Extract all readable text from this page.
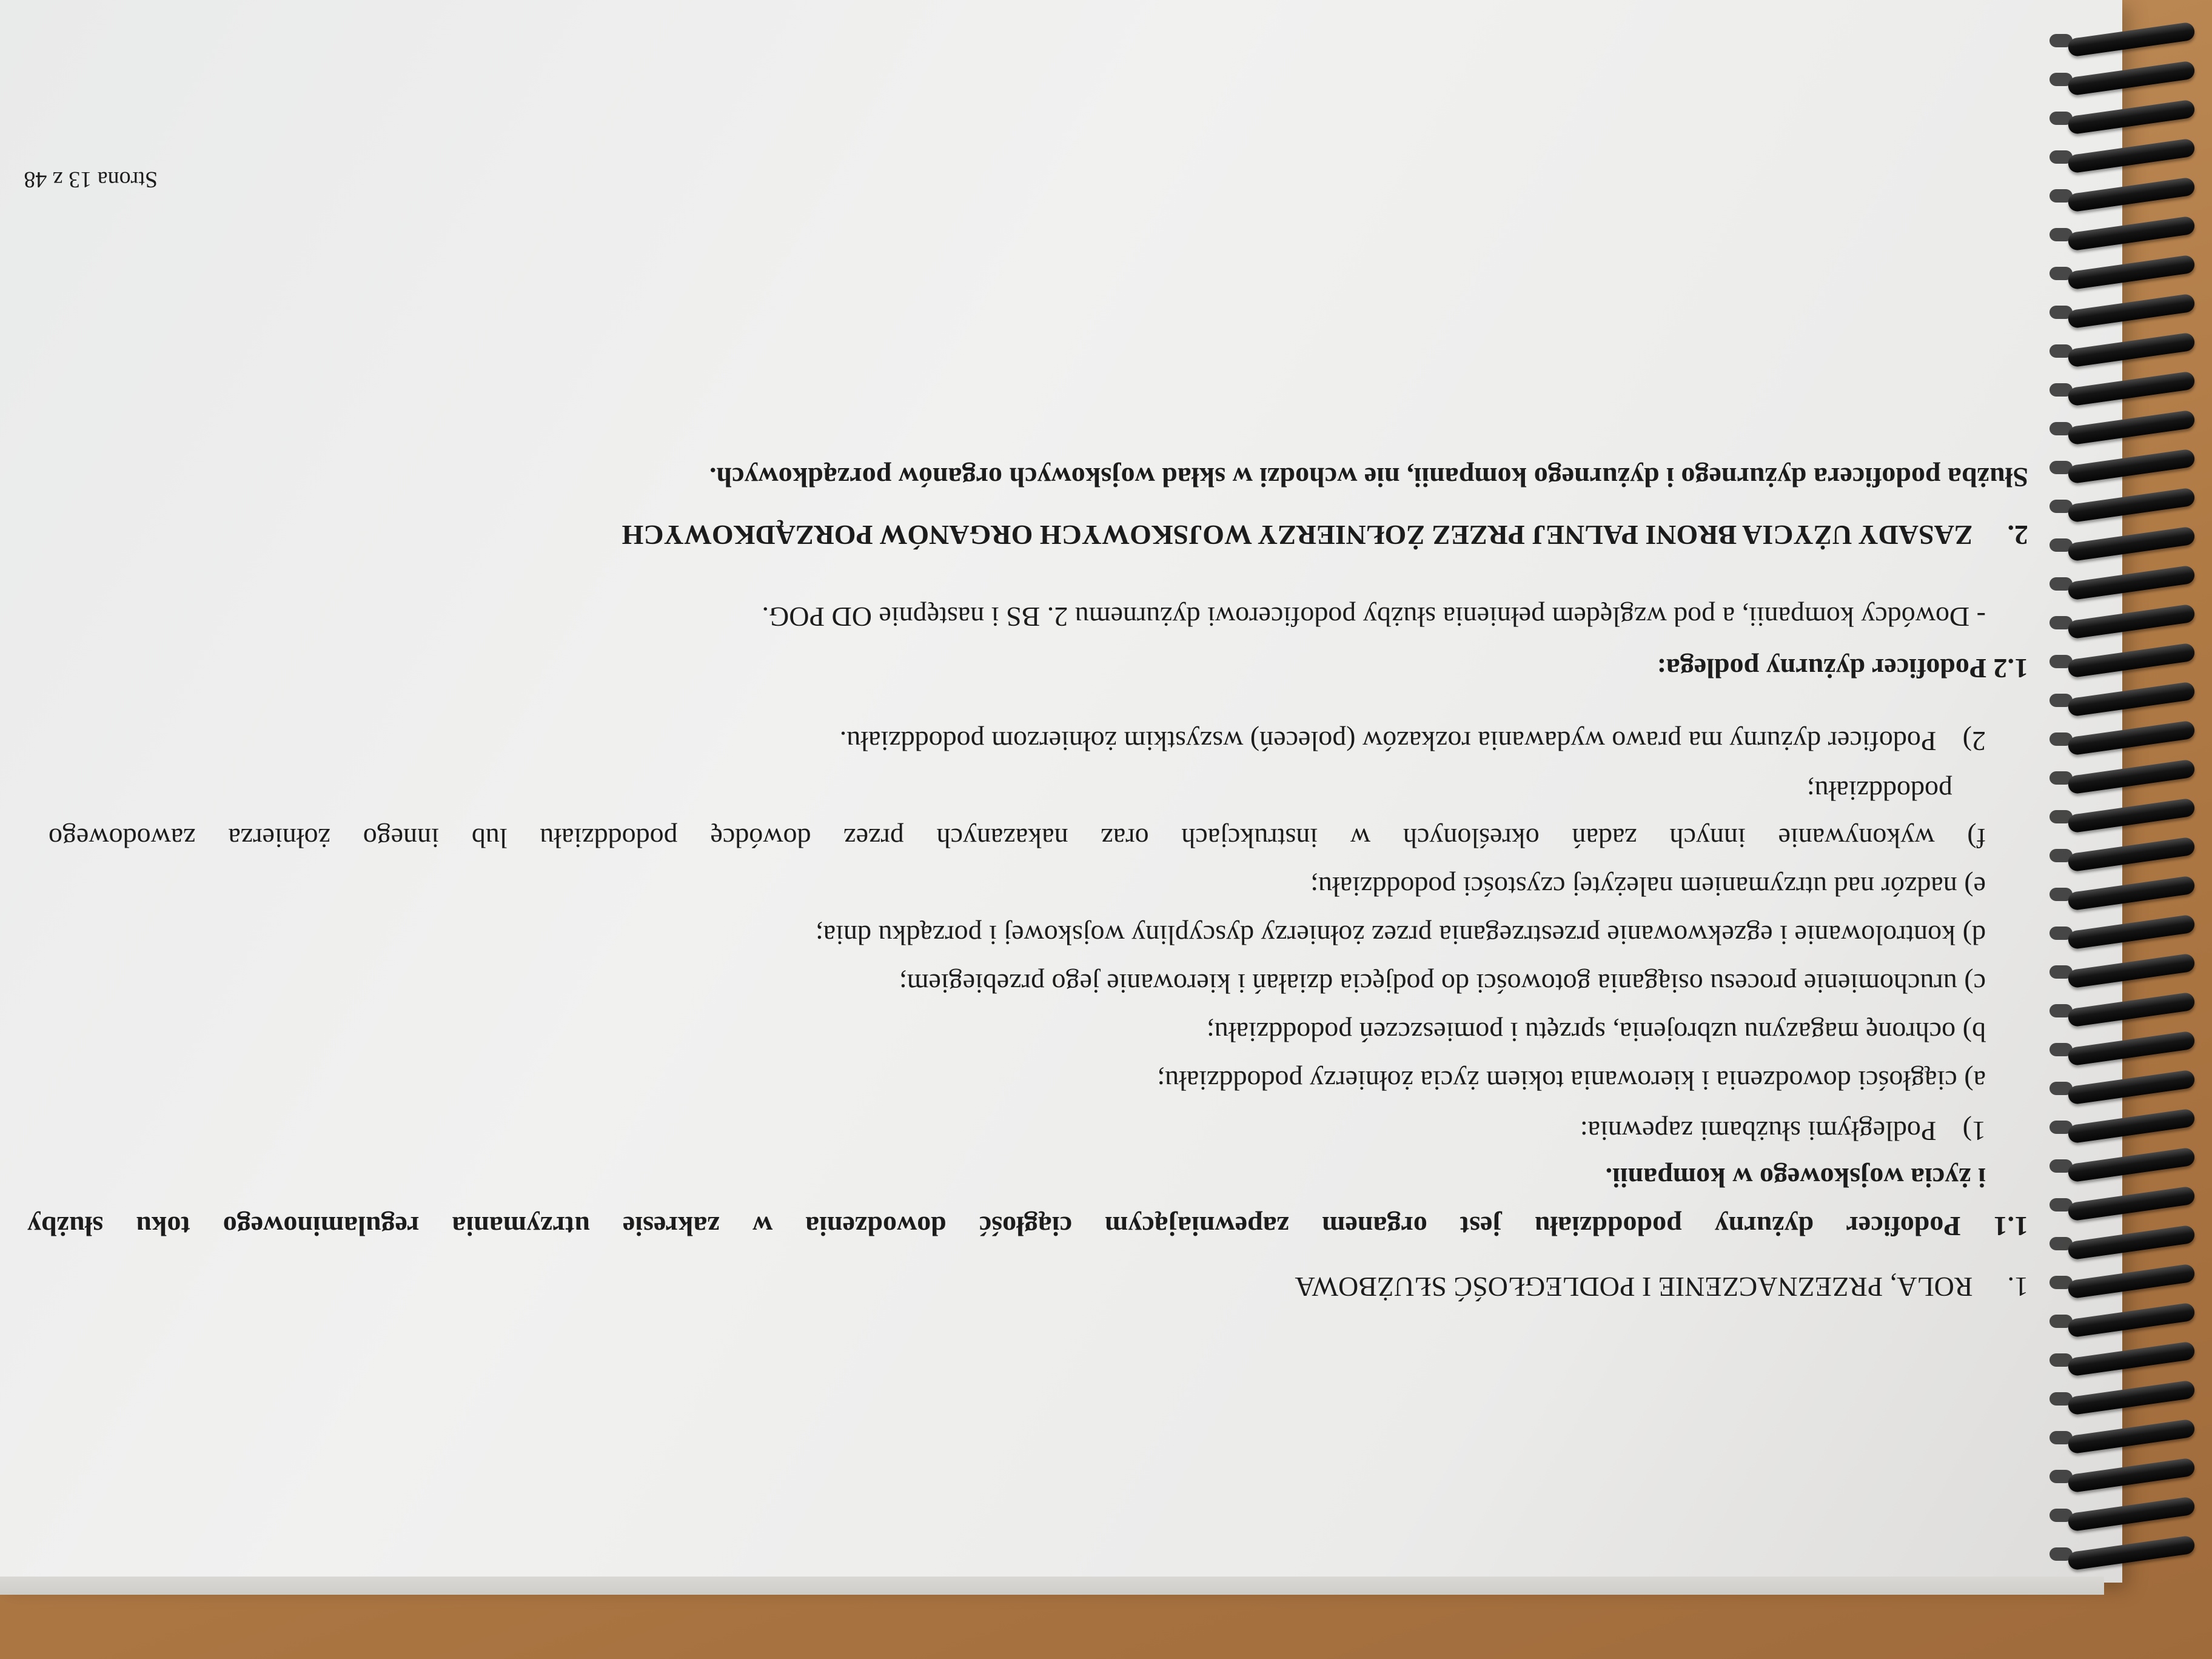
Strona 13 z 48
1. ROLA, PRZEZNACZENIE I PODLEGŁOŚĆ SŁUŻBOWA
1.1 Podoficer dyżurny pododdziału jest organem zapewniającym ciągłość dowodzenia w zakresie utrzymania regulaminowego toku służby
i życia wojskowego w kompanii.
1) Podległymi służbami zapewnia:
a) ciągłości dowodzenia i kierowania tokiem życia żołnierzy pododdziału;
b) ochronę magazynu uzbrojenia, sprzętu i pomieszczeń pododdziału;
c) uruchomienie procesu osiągania gotowości do podjęcia działań i kierowanie jego przebiegiem;
d) kontrolowanie i egzekwowanie przestrzegania przez żołnierzy dyscypliny wojskowej i porządku dnia;
e) nadzór nad utrzymaniem należytej czystości pododdziału;
f) wykonywanie innych zadań określonych w instrukcjach oraz nakazanych przez dowódcę pododdziału lub innego żołnierza zawodowego
pododdziału;
2) Podoficer dyżurny ma prawo wydawania rozkazów (poleceń) wszystkim żołnierzom pododdziału.
1.2 Podoficer dyżurny podlega:
- Dowódcy kompanii, a pod względem pełnienia służby podoficerowi dyżurnemu 2. BS i następnie OD POG.
2. ZASADY UŻYCIA BRONI PALNEJ PRZEZ ŻOŁNIERZY WOJSKOWYCH ORGANÓW PORZĄDKOWYCH
Służba podoficera dyżurnego i dyżurnego kompanii, nie wchodzi w skład wojskowych organów porządkowych.
